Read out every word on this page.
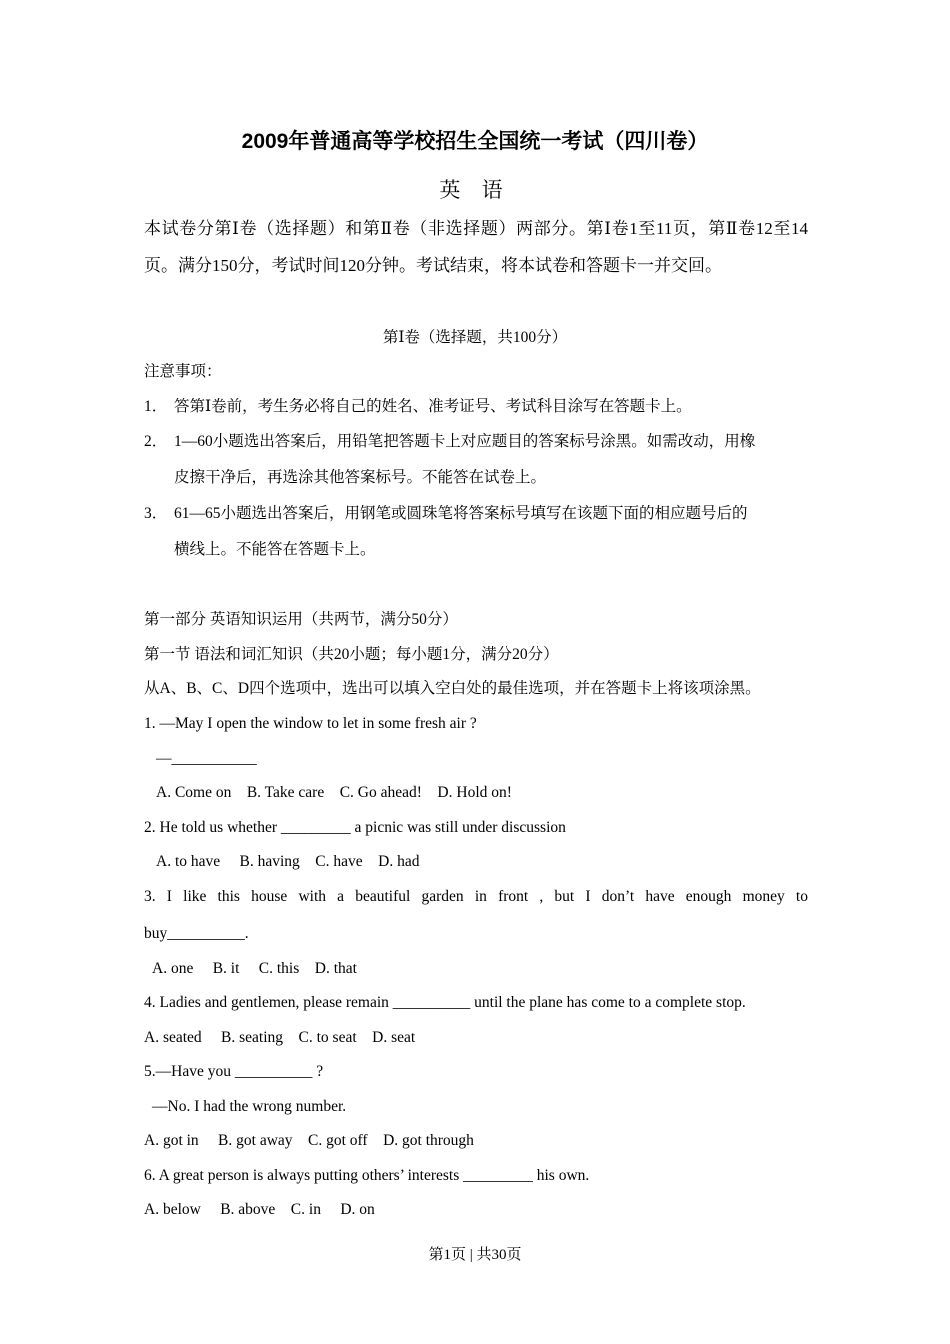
2009年普通高等学校招生全国统一考试（四川卷）
英 语
本试卷分第Ⅰ卷（选择题）和第Ⅱ卷（非选择题）两部分。第Ⅰ卷1至11页，第Ⅱ卷12至14页。满分150分，考试时间120分钟。考试结束，将本试卷和答题卡一并交回。
第Ⅰ卷（选择题，共100分）
注意事项：
1． 答第Ⅰ卷前，考生务必将自己的姓名、准考证号、考试科目涂写在答题卡上。
2． 1—60小题选出答案后，用铅笔把答题卡上对应题目的答案标号涂黑。如需改动，用橡
皮擦干净后，再选涂其他答案标号。不能答在试卷上。
3． 61—65小题选出答案后，用钢笔或圆珠笔将答案标号填写在该题下面的相应题号后的
横线上。不能答在答题卡上。
第一部分 英语知识运用（共两节，满分50分）
第一节 语法和词汇知识（共20小题；每小题1分，满分20分）
从A、B、C、D四个选项中，选出可以填入空白处的最佳选项，并在答题卡上将该项涂黑。
1. —May I open the window to let in some fresh air ?
—___________
A. Come on    B. Take care    C. Go ahead!    D. Hold on!
2. He told us whether _________ a picnic was still under discussion
A. to have     B. having    C. have    D. had
3. I like this house with a beautiful garden in front , but I don’t have enough money to
buy__________.
A. one     B. it     C. this    D. that
4. Ladies and gentlemen, please remain __________ until the plane has come to a complete stop.
A. seated     B. seating    C. to seat    D. seat
5.—Have you __________ ?
—No. I had the wrong number.
A. got in     B. got away    C. got off    D. got through
6. A great person is always putting others’ interests _________ his own.
A. below     B. above    C. in     D. on
第1页 | 共30页
